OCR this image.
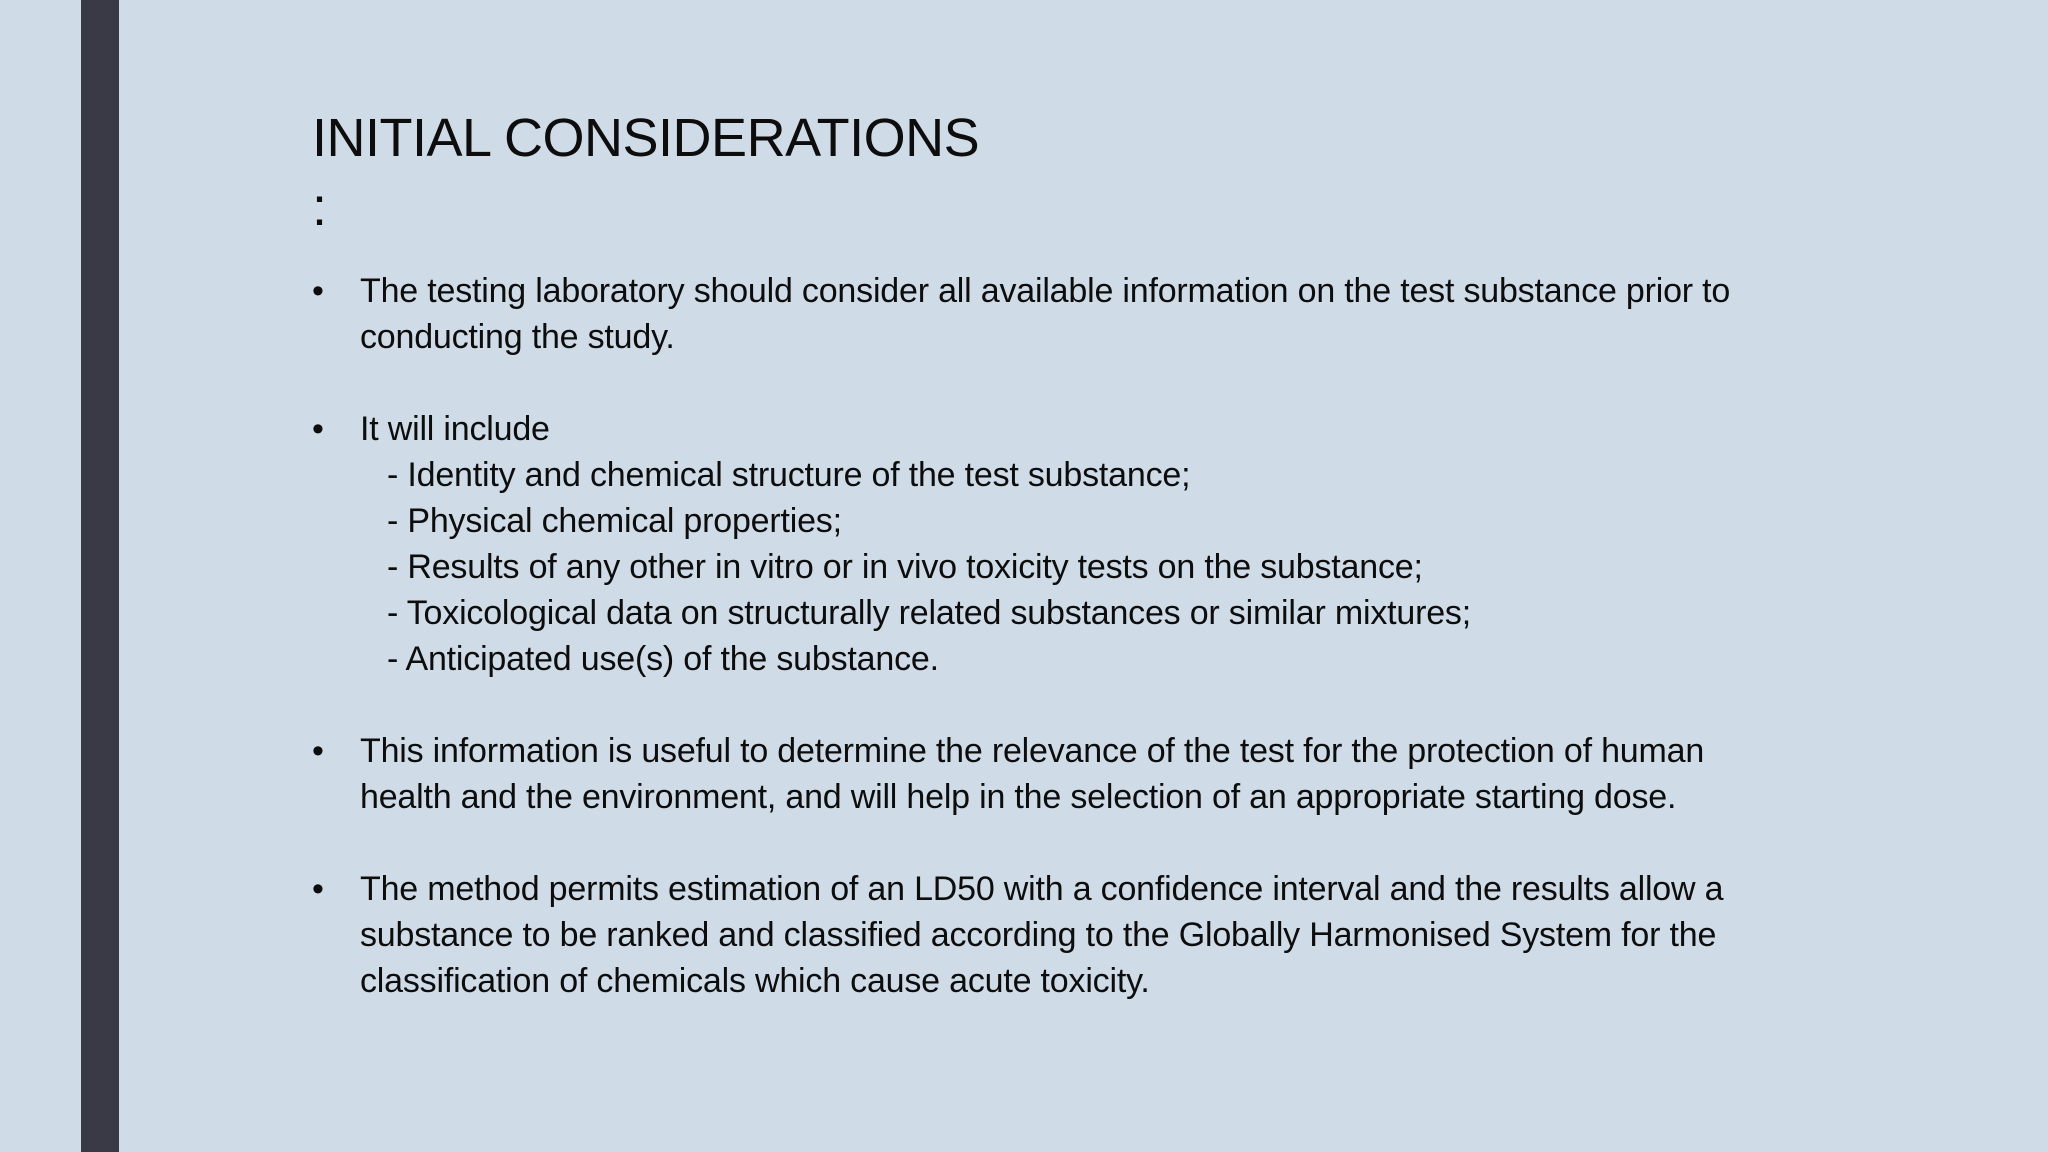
INITIAL CONSIDERATIONS
:
•	The testing laboratory should consider all available information on the test substance prior to conducting the study.
•	It will include
- Identity and chemical structure of the test substance;
- Physical chemical properties;
- Results of any other in vitro or in vivo toxicity tests on the substance;
- Toxicological data on structurally related substances or similar mixtures;
- Anticipated use(s) of the substance.
•	This information is useful to determine the relevance of the test for the protection of human health and the environment, and will help in the selection of an appropriate starting dose.
•	The method permits estimation of an LD50 with a confidence interval and the results allow a substance to be ranked and classified according to the Globally Harmonised System for the classification of chemicals which cause acute toxicity.
